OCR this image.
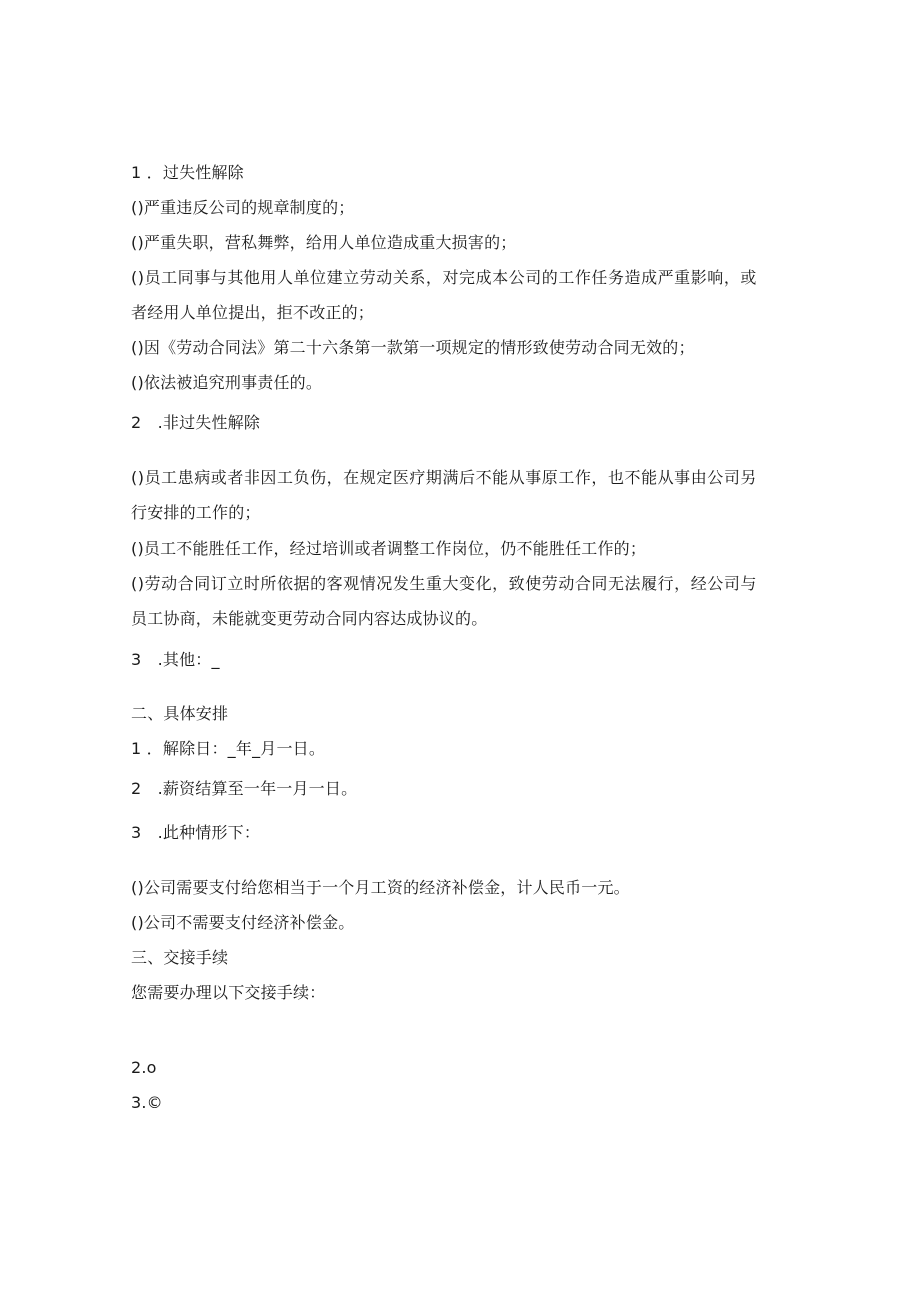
1 ．过失性解除
()严重违反公司的规章制度的；
()严重失职，营私舞弊，给用人单位造成重大损害的；
()员工同事与其他用人单位建立劳动关系，对完成本公司的工作任务造成严重影响，或
者经用人单位提出，拒不改正的；
()因《劳动合同法》第二十六条第一款第一项规定的情形致使劳动合同无效的；
()依法被追究刑事责任的。
2　.非过失性解除
()员工患病或者非因工负伤，在规定医疗期满后不能从事原工作，也不能从事由公司另
行安排的工作的；
()员工不能胜任工作，经过培训或者调整工作岗位，仍不能胜任工作的；
()劳动合同订立时所依据的客观情况发生重大变化，致使劳动合同无法履行，经公司与
员工协商，未能就变更劳动合同内容达成协议的。
3　.其他：_
二、具体安排
1 ．解除日：_年_月一日。
2　.薪资结算至一年一月一日。
3　.此种情形下：
()公司需要支付给您相当于一个月工资的经济补偿金，计人民币一元。
()公司不需要支付经济补偿金。
三、交接手续
您需要办理以下交接手续：
2.o
3.©
